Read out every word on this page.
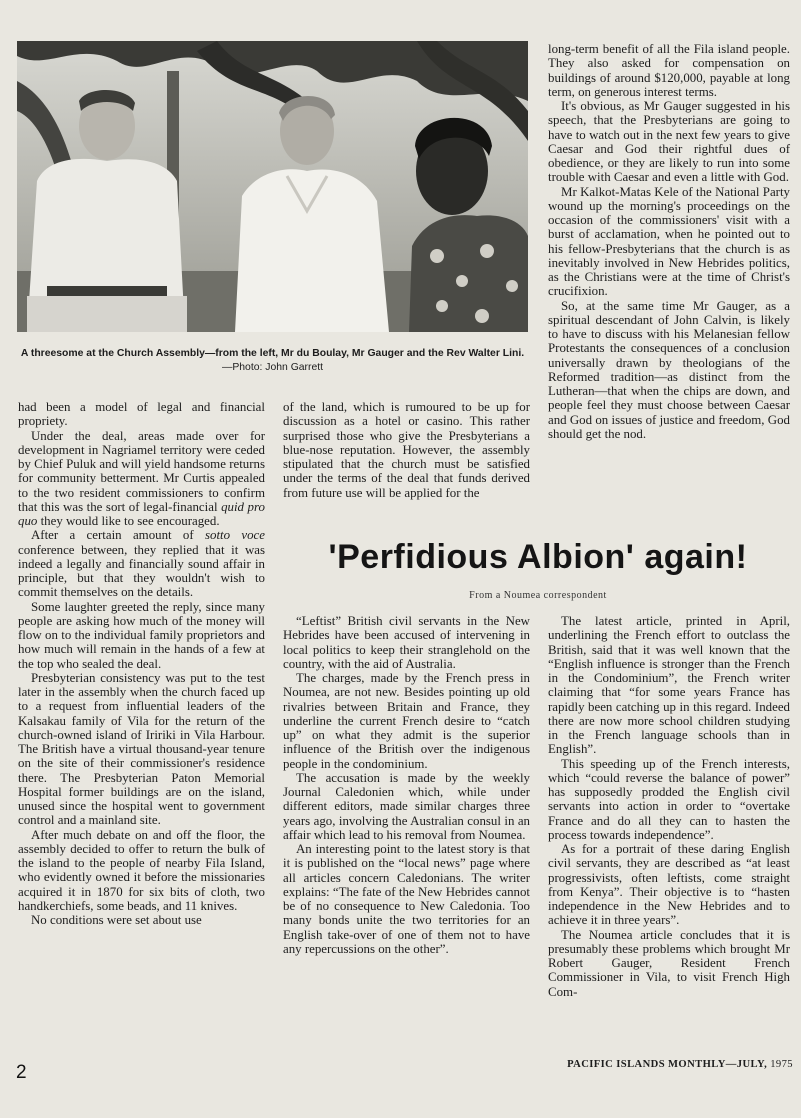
A threesome at the Church Assembly—from the left, Mr du Boulay, Mr Gauger and the Rev Walter Lini.—Photo: John Garrett

had been a model of legal and financial propriety.

Under the deal, areas made over for development in Nagriamel territory were ceded by Chief Puluk and will yield handsome returns for community betterment. Mr Curtis appealed to the two resident commissioners to confirm that this was the sort of legal-financial quid pro quo they would like to see encouraged.

After a certain amount of sotto voce conference between, they replied that it was indeed a legally and financially sound affair in principle, but that they wouldn't wish to commit themselves on the details.

Some laughter greeted the reply, since many people are asking how much of the money will flow on to the individual family proprietors and how much will remain in the hands of a few at the top who sealed the deal.

Presbyterian consistency was put to the test later in the assembly when the church faced up to a request from influential leaders of the Kalsakau family of Vila for the return of the church-owned island of Iririki in Vila Harbour. The British have a virtual thousand-year tenure on the site of their commissioner's residence there. The Presbyterian Paton Memorial Hospital former buildings are on the island, unused since the hospital went to government control and a mainland site.

After much debate on and off the floor, the assembly decided to offer to return the bulk of the island to the people of nearby Fila Island, who evidently owned it before the missionaries acquired it in 1870 for six bits of cloth, two handkerchiefs, some beads, and 11 knives.

No conditions were set about use

of the land, which is rumoured to be up for discussion as a hotel or casino. This rather surprised those who give the Presbyterians a blue-nose reputation. However, the assembly stipulated that the church must be satisfied under the terms of the deal that funds derived from future use will be applied for the

long-term benefit of all the Fila island people. They also asked for compensation on buildings of around $120,000, payable at long term, on generous interest terms.

It's obvious, as Mr Gauger suggested in his speech, that the Presbyterians are going to have to watch out in the next few years to give Caesar and God their rightful dues of obedience, or they are likely to run into some trouble with Caesar and even a little with God.

Mr Kalkot-Matas Kele of the National Party wound up the morning's proceedings on the occasion of the commissioners' visit with a burst of acclamation, when he pointed out to his fellow-Presbyterians that the church is as inevitably involved in New Hebrides politics, as the Christians were at the time of Christ's crucifixion.

So, at the same time Mr Gauger, as a spiritual descendant of John Calvin, is likely to have to discuss with his Melanesian fellow Protestants the consequences of a conclusion universally drawn by theologians of the Reformed tradition—as distinct from the Lutheran—that when the chips are down, and people feel they must choose between Caesar and God on issues of justice and freedom, God should get the nod.

'Perfidious Albion' again!
From a Noumea correspondent

“Leftist” British civil servants in the New Hebrides have been accused of intervening in local politics to keep their stranglehold on the country, with the aid of Australia.

The charges, made by the French press in Noumea, are not new. Besides pointing up old rivalries between Britain and France, they underline the current French desire to “catch up” on what they admit is the superior influence of the British over the indigenous people in the condominium.

The accusation is made by the weekly Journal Caledonien which, while under different editors, made similar charges three years ago, involving the Australian consul in an affair which lead to his removal from Noumea.

An interesting point to the latest story is that it is published on the “local news” page where all articles concern Caledonians. The writer explains: “The fate of the New Hebrides cannot be of no consequence to New Caledonia. Too many bonds unite the two territories for an English take-over of one of them not to have any repercussions on the other”.

The latest article, printed in April, underlining the French effort to outclass the British, said that it was well known that the “English influence is stronger than the French in the Condominium”, the French writer claiming that “for some years France has rapidly been catching up in this regard. Indeed there are now more school children studying in the French language schools than in English”.

This speeding up of the French interests, which “could reverse the balance of power” has supposedly prodded the English civil servants into action in order to “overtake France and do all they can to hasten the process towards independence”.

As for a portrait of these daring English civil servants, they are described as “at least progressivists, often leftists, come straight from Kenya”. Their objective is to “hasten independence in the New Hebrides and to achieve it in three years”.

The Noumea article concludes that it is presumably these problems which brought Mr Robert Gauger, Resident French Commissioner in Vila, to visit French High Com-

2	PACIFIC ISLANDS MONTHLY—JULY, 1975
